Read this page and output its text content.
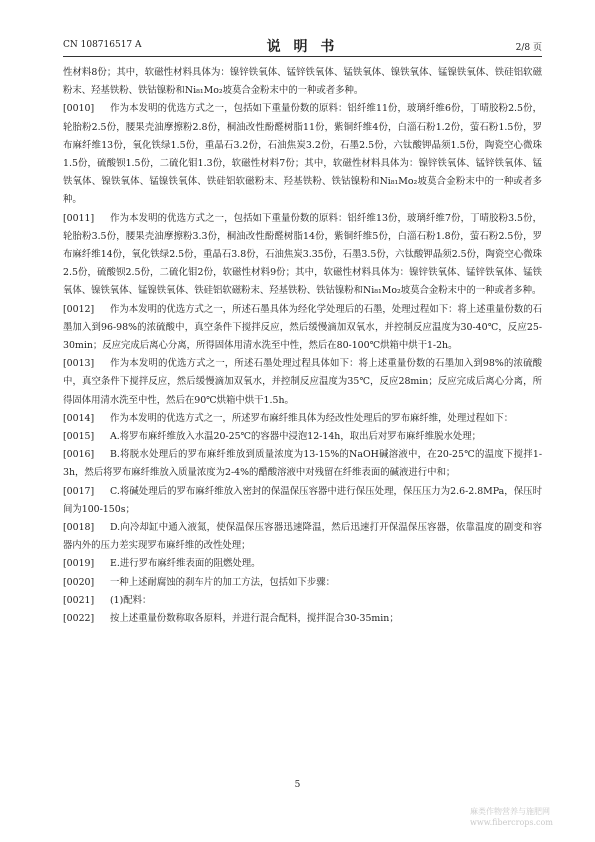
CN 108716517 A	说 明 书	2/8 页

性材料8份；其中，软磁性材料具体为：镍锌铁氧体、锰锌铁氧体、锰铁氧体、镍铁氧体、锰镍铁氧体、铁硅铝软磁粉末、羟基铁粉、铁钴镍粉和Ni₈₁Mo₂坡莫合金粉末中的一种或者多种。

[0010] 作为本发明的优选方式之一，包括如下重量份数的原料：铝纤维11份，玻璃纤维6份，丁晴胶粉2.5份，轮胎粉2.5份，腰果壳油摩擦粉2.8份，桐油改性酚醛树脂11份，紫铜纤维4份，白淄石粉1.2份，萤石粉1.5份，罗布麻纤维13份，氧化铁绿1.5份，重晶石3.2份，石油焦炭3.2份，石墨2.5份，六钛酸钾晶须1.5份，陶瓷空心微珠1.5份，硫酸钡1.5份，二硫化钼1.3份，软磁性材料7份；其中，软磁性材料具体为：镍锌铁氧体、锰锌铁氧体、锰铁氧体、镍铁氧体、锰镍铁氧体、铁硅铝软磁粉末、羟基铁粉、铁钴镍粉和Ni₈₁Mo₂坡莫合金粉末中的一种或者多种。

[0011] 作为本发明的优选方式之一，包括如下重量份数的原料：铝纤维13份，玻璃纤维7份，丁晴胶粉3.5份，轮胎粉3.5份，腰果壳油摩擦粉3.3份，桐油改性酚醛树脂14份，紫铜纤维5份，白淄石粉1.8份，萤石粉2.5份，罗布麻纤维14份，氧化铁绿2.5份，重晶石3.8份，石油焦炭3.35份，石墨3.5份，六钛酸钾晶须2.5份，陶瓷空心微珠2.5份，硫酸钡2.5份，二硫化钼2份，软磁性材料9份；其中，软磁性材料具体为：镍锌铁氧体、锰锌铁氧体、锰铁氧体、镍铁氧体、锰镍铁氧体、铁硅铝软磁粉末、羟基铁粉、铁钴镍粉和Ni₈₁Mo₂坡莫合金粉末中的一种或者多种。

[0012] 作为本发明的优选方式之一，所述石墨具体为经化学处理后的石墨，处理过程如下：将上述重量份数的石墨加入到96-98%的浓硫酸中，真空条件下搅拌反应，然后缓慢滴加双氧水，并控制反应温度为30-40℃，反应25-30min；反应完成后离心分离，所得固体用清水洗至中性，然后在80-100℃烘箱中烘干1-2h。

[0013] 作为本发明的优选方式之一，所述石墨处理过程具体如下：将上述重量份数的石墨加入到98%的浓硫酸中，真空条件下搅拌反应，然后缓慢滴加双氧水，并控制反应温度为35℃，反应28min；反应完成后离心分离，所得固体用清水洗至中性，然后在90℃烘箱中烘干1.5h。

[0014] 作为本发明的优选方式之一，所述罗布麻纤维具体为经改性处理后的罗布麻纤维，处理过程如下：

[0015] A.将罗布麻纤维放入水温20-25℃的容器中浸泡12-14h，取出后对罗布麻纤维脱水处理；

[0016] B.将脱水处理后的罗布麻纤维放到质量浓度为13-15%的NaOH碱溶液中，在20-25℃的温度下搅拌1-3h，然后将罗布麻纤维放入质量浓度为2-4%的醋酸溶液中对残留在纤维表面的碱液进行中和；

[0017] C.将碱处理后的罗布麻纤维放入密封的保温保压容器中进行保压处理，保压压力为2.6-2.8MPa，保压时间为100-150s；

[0018] D.向冷却缸中通入液氮，使保温保压容器迅速降温，然后迅速打开保温保压容器，依靠温度的剧变和容器内外的压力差实现罗布麻纤维的改性处理；

[0019] E.进行罗布麻纤维表面的阻燃处理。

[0020] 一种上述耐腐蚀的刹车片的加工方法，包括如下步骤：

[0021] (1)配料：

[0022] 按上述重量份数称取各原料，并进行混合配料，搅拌混合30-35min；

5
麻类作物营养与施肥网
www.fibercrops.com
